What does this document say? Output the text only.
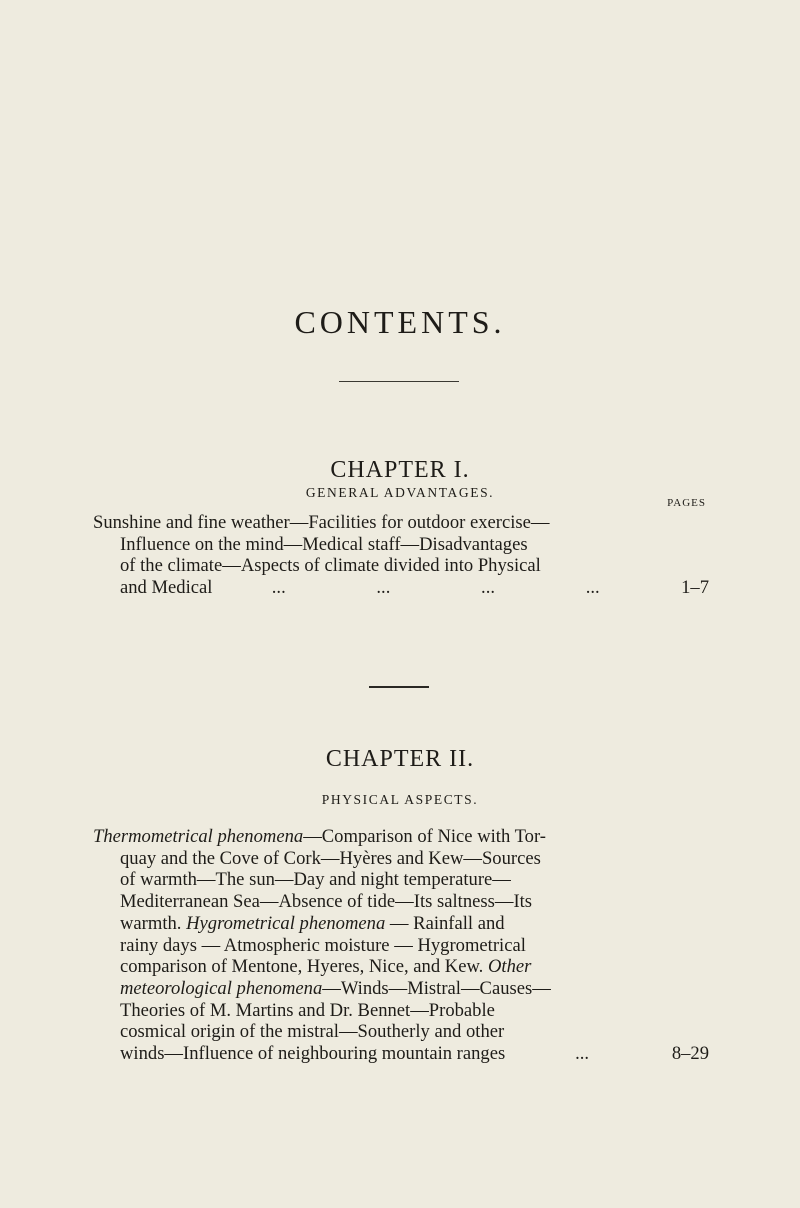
CONTENTS.
CHAPTER I.
GENERAL ADVANTAGES.
PAGES
Sunshine and fine weather—Facilities for outdoor exercise—
Influence on the mind—Medical staff—Disadvantages
of the climate—Aspects of climate divided into Physical
and Medical	...	...	...	...	1–7
CHAPTER II.
PHYSICAL ASPECTS.
Thermometrical phenomena—Comparison of Nice with Tor-
quay and the Cove of Cork—Hyères and Kew—Sources
of warmth—The sun—Day and night temperature—
Mediterranean Sea—Absence of tide—Its saltness—Its
warmth. Hygrometrical phenomena — Rainfall and
rainy days — Atmospheric moisture — Hygrometrical
comparison of Mentone, Hyeres, Nice, and Kew. Other
meteorological phenomena—Winds—Mistral—Causes—
Theories of M. Martins and Dr. Bennet—Probable
cosmical origin of the mistral—Southerly and other
winds—Influence of neighbouring mountain ranges	...	8–29
